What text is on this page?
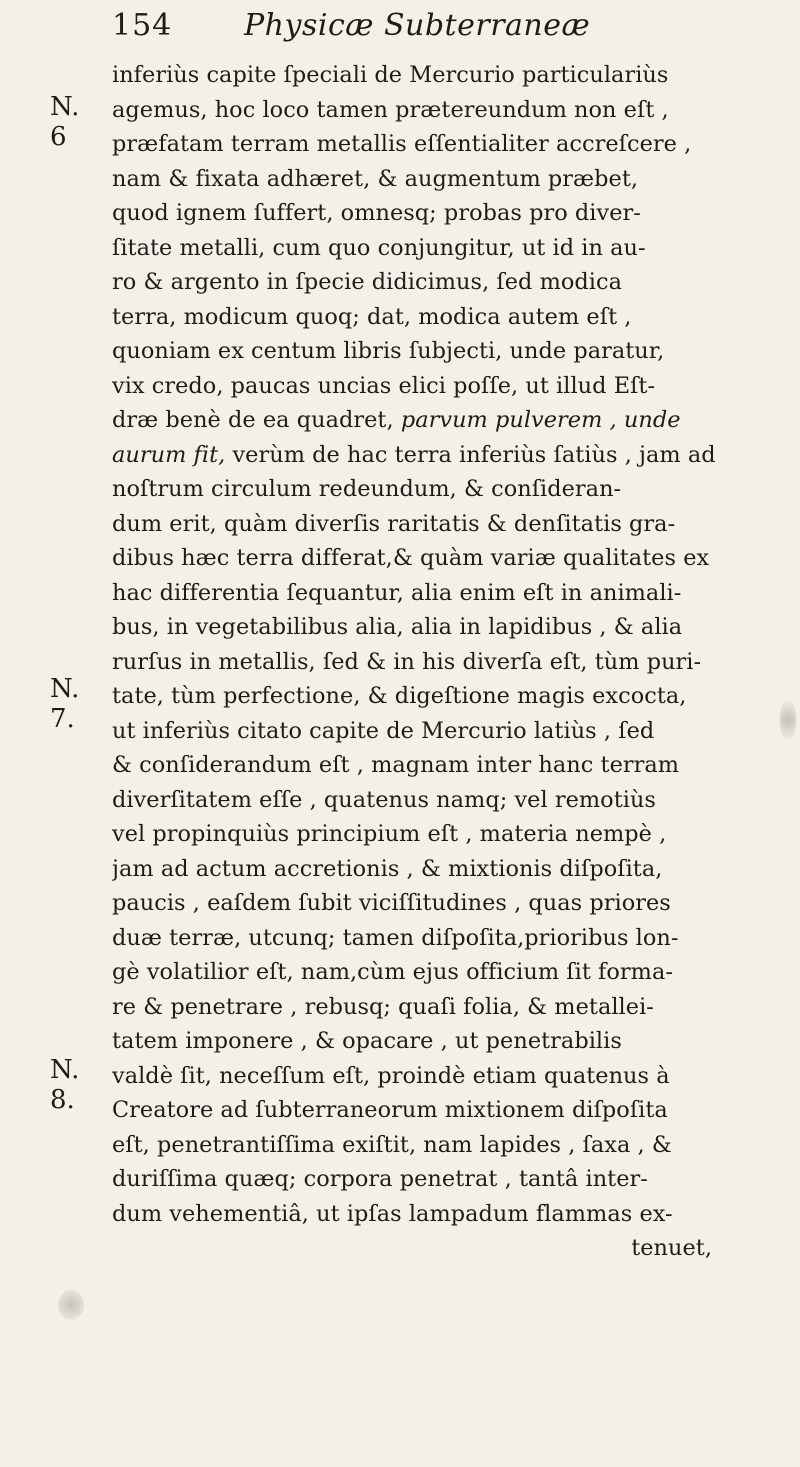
154 Physicæ Subterraneæ
N.
6
N.
7.
N.
8.
inferiùs capite ſpeciali de Mercurio particulariùs
agemus, hoc loco tamen prætereundum non eſt ,
præfatam terram metallis eſſentialiter accreſcere ,
nam & fixata adhæret, & augmentum præbet,
quod ignem ſuffert, omnesq; probas pro diver-
ſitate metalli, cum quo conjungitur, ut id in au-
ro & argento in ſpecie didicimus, ſed modica
terra, modicum quoq; dat, modica autem eſt ,
quoniam ex centum libris ſubjecti, unde paratur,
vix credo, paucas uncias elici poſſe, ut illud Eſt-
dræ benè de ea quadret, parvum pulverem , unde
aurum fit, verùm de hac terra inferiùs ſatiùs , jam ad
noſtrum circulum redeundum, & conſideran-
dum erit, quàm diverſis raritatis & denſitatis gra-
dibus hæc terra differat,& quàm variæ qualitates ex
hac differentia ſequantur, alia enim eſt in animali-
bus, in vegetabilibus alia, alia in lapidibus , & alia
rurſus in metallis, ſed & in his diverſa eſt, tùm puri-
tate, tùm perfectione, & digeſtione magis excocta,
ut inferiùs citato capite de Mercurio latiùs , ſed
& conſiderandum eſt , magnam inter hanc terram
diverſitatem eſſe , quatenus namq; vel remotiùs
vel propinquiùs principium eſt , materia nempè ,
jam ad actum accretionis , & mixtionis diſpoſita,
paucis , eaſdem ſubit viciſſitudines , quas priores
duæ terræ, utcunq; tamen diſpoſita,prioribus lon-
gè volatilior eſt, nam,cùm ejus officium ſit forma-
re & penetrare , rebusq; quaſi folia, & metallei-
tatem imponere , & opacare , ut penetrabilis
valdè ſit, neceſſum eſt, proindè etiam quatenus à
Creatore ad ſubterraneorum mixtionem diſpoſita
eſt, penetrantiſſima exiſtit, nam lapides , ſaxa , &
duriſſima quæq; corpora penetrat , tantâ inter-
dum vehementiâ, ut ipſas lampadum flammas ex-
tenuet,
